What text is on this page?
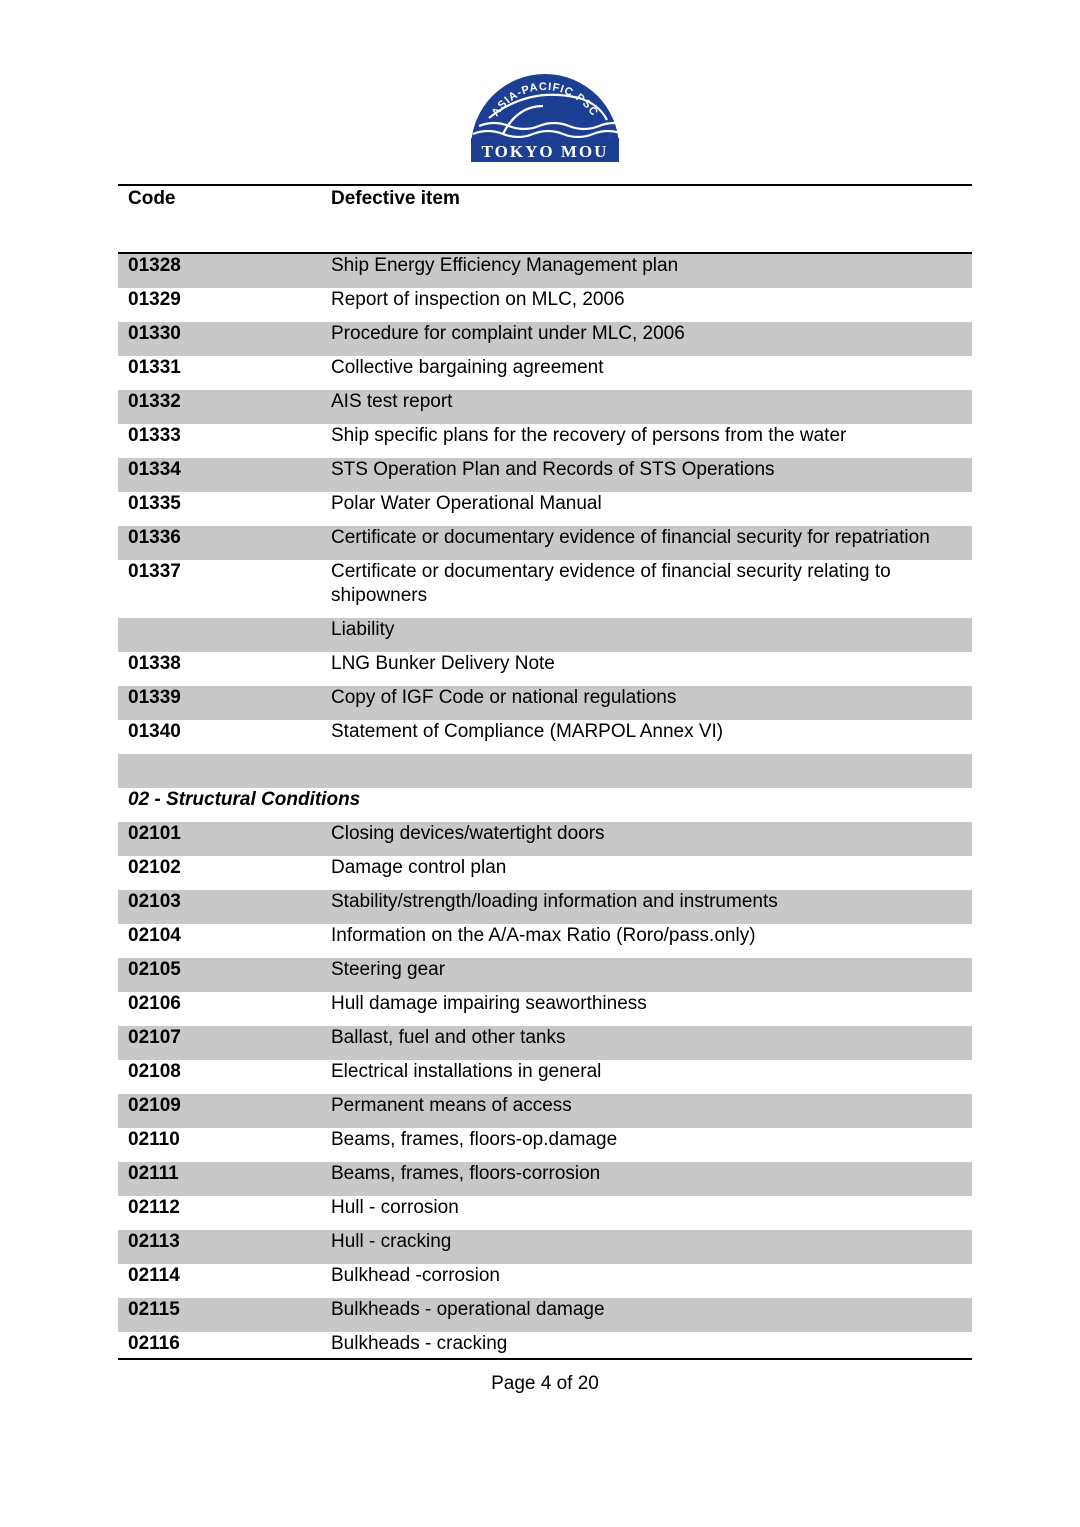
ASIA-PACIFIC PSC
TOKYO MOU
Code	Defective item
01328	Ship Energy Efficiency Management plan
01329	Report of inspection on MLC, 2006
01330	Procedure for complaint under MLC, 2006
01331	Collective bargaining agreement
01332	AIS test report
01333	Ship specific plans for the recovery of persons from the water
01334	STS Operation Plan and Records of STS Operations
01335	Polar Water Operational Manual
01336	Certificate or documentary evidence of financial security for repatriation
01337	Certificate or documentary evidence of financial security relating to shipowners
Liability
01338	LNG Bunker Delivery Note
01339	Copy of IGF Code or national regulations
01340	Statement of Compliance (MARPOL Annex VI)
02 - Structural Conditions
02101	Closing devices/watertight doors
02102	Damage control plan
02103	Stability/strength/loading information and instruments
02104	Information on the A/A-max Ratio (Roro/pass.only)
02105	Steering gear
02106	Hull damage impairing seaworthiness
02107	Ballast, fuel and other tanks
02108	Electrical installations in general
02109	Permanent means of access
02110	Beams, frames, floors-op.damage
02111	Beams, frames, floors-corrosion
02112	Hull - corrosion
02113	Hull - cracking
02114	Bulkhead -corrosion
02115	Bulkheads - operational damage
02116	Bulkheads - cracking
Page 4 of 20
